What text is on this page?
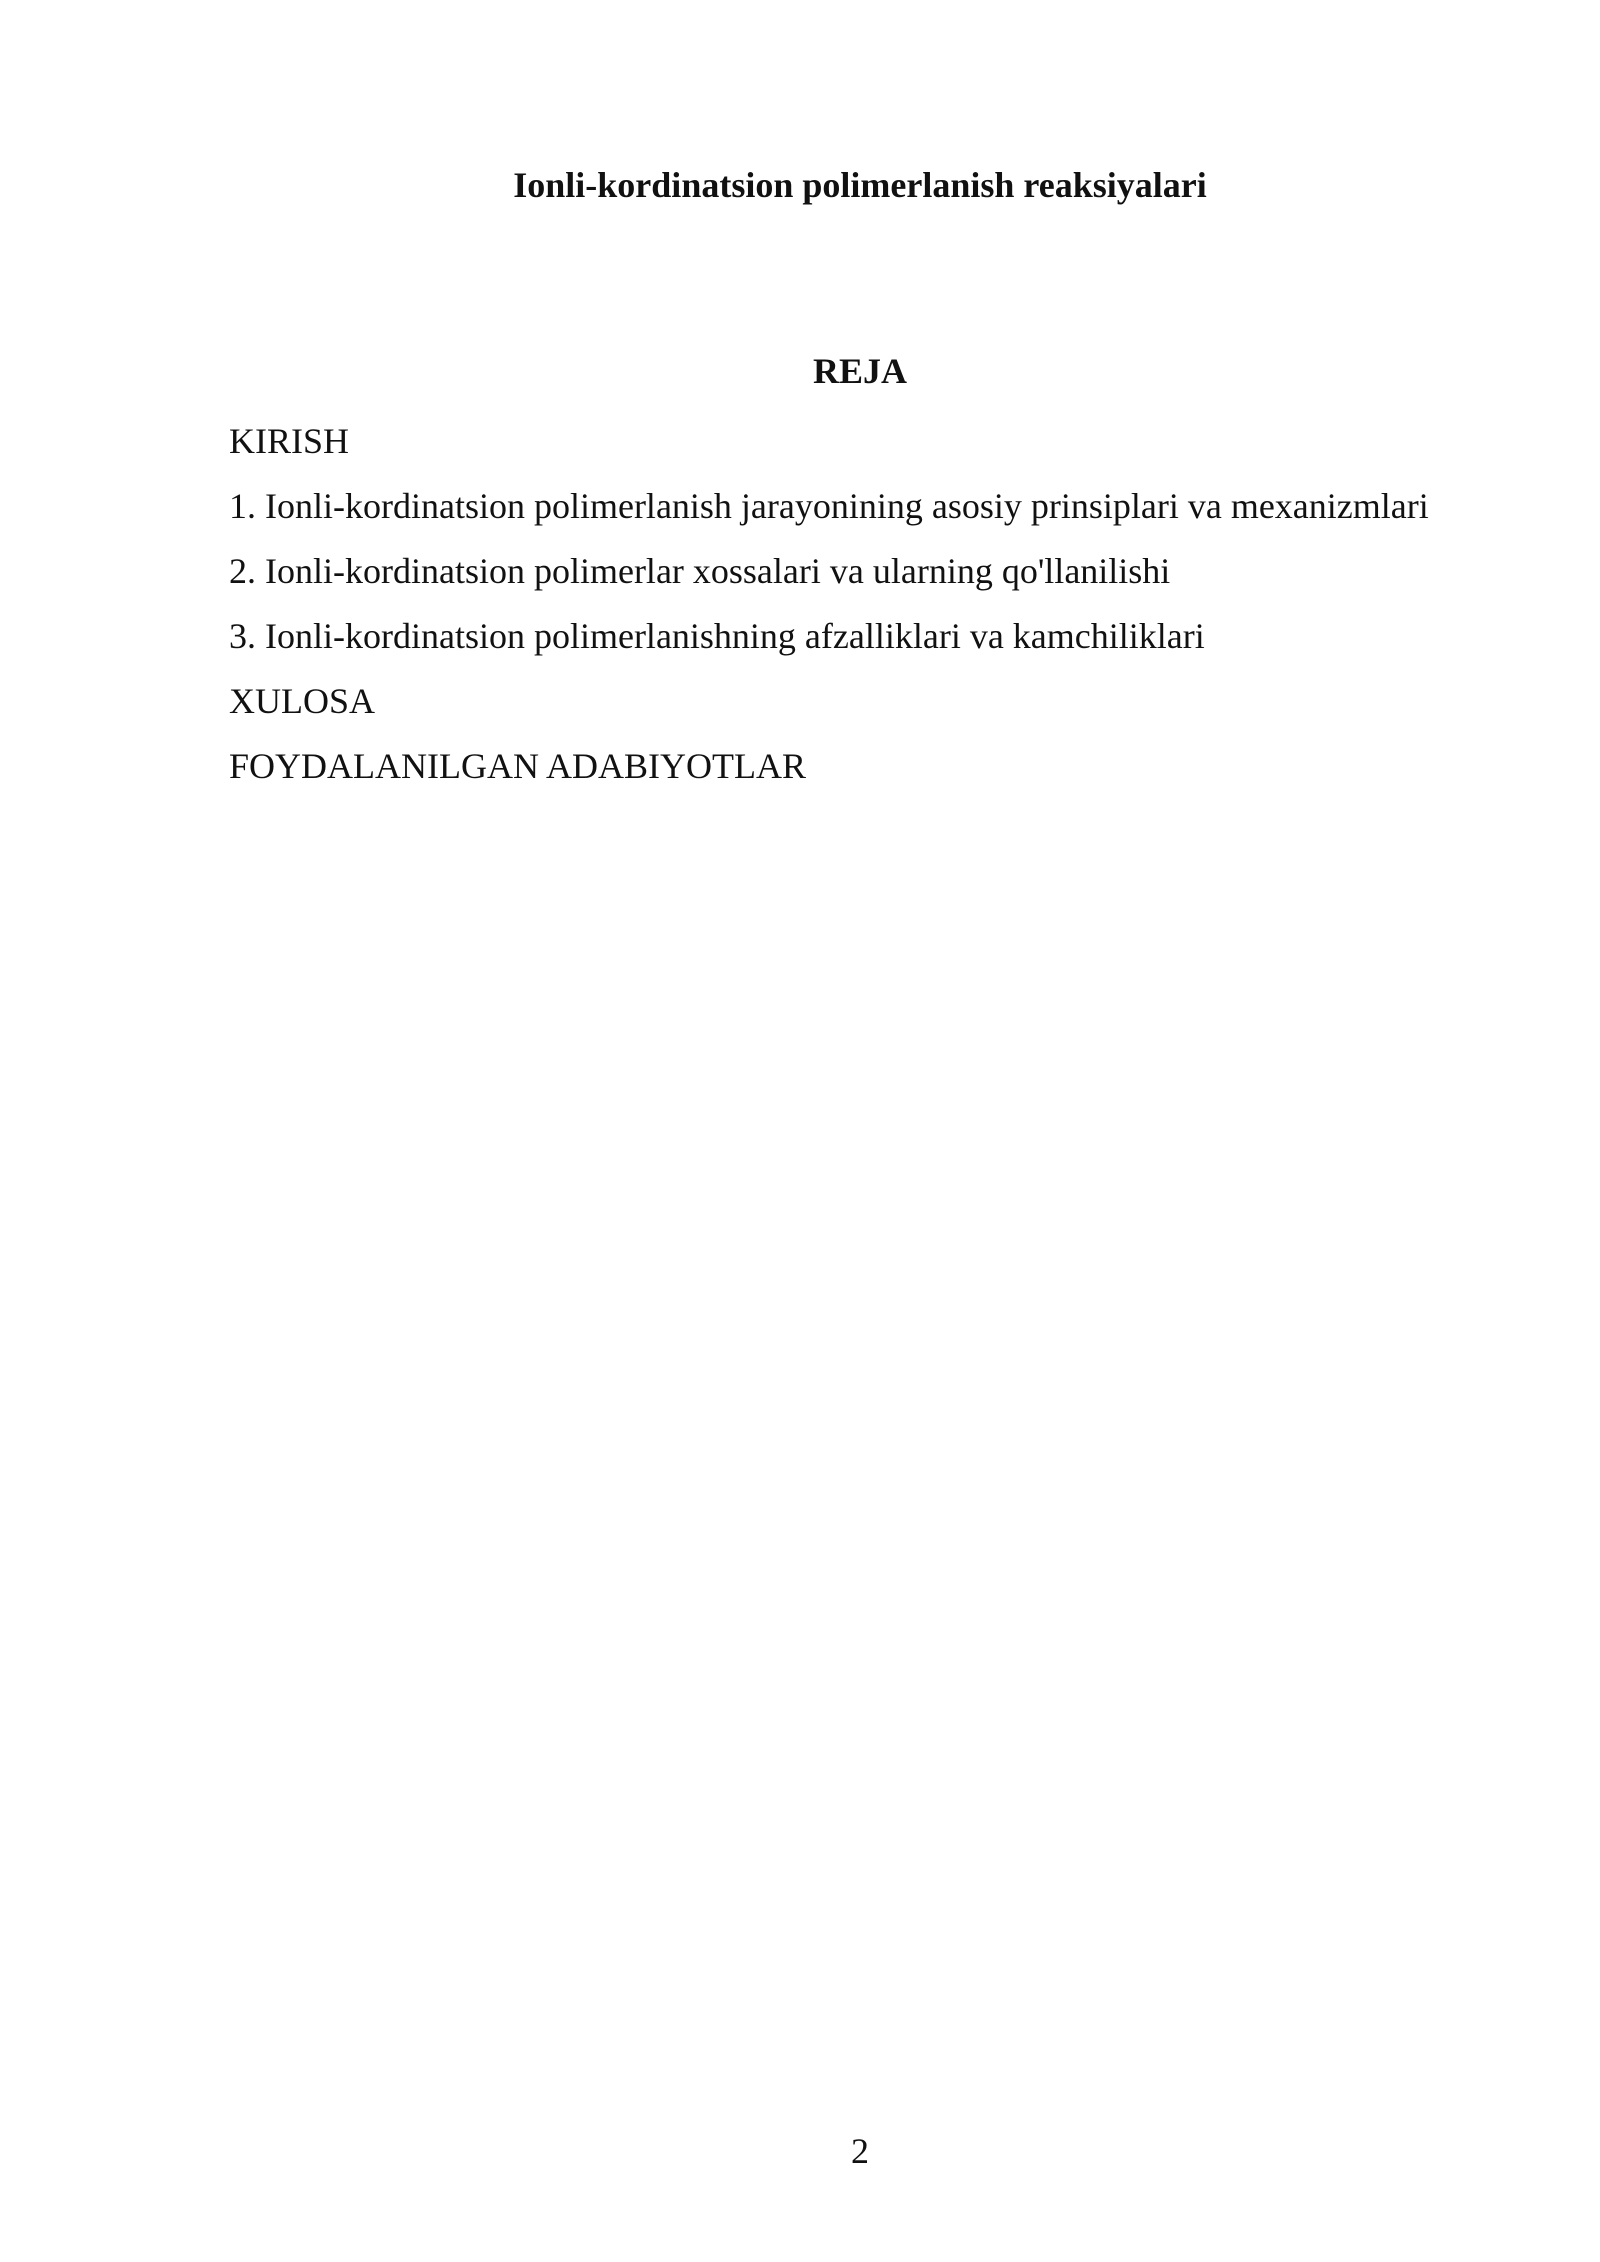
Ionli-kordinatsion polimerlanish reaksiyalari
REJA
KIRISH
1. Ionli-kordinatsion polimerlanish jarayonining asosiy prinsiplari va mexanizmlari
2. Ionli-kordinatsion polimerlar xossalari va ularning qo'llanilishi
3. Ionli-kordinatsion polimerlanishning afzalliklari va kamchiliklari
XULOSA
FOYDALANILGAN ADABIYOTLAR
2
